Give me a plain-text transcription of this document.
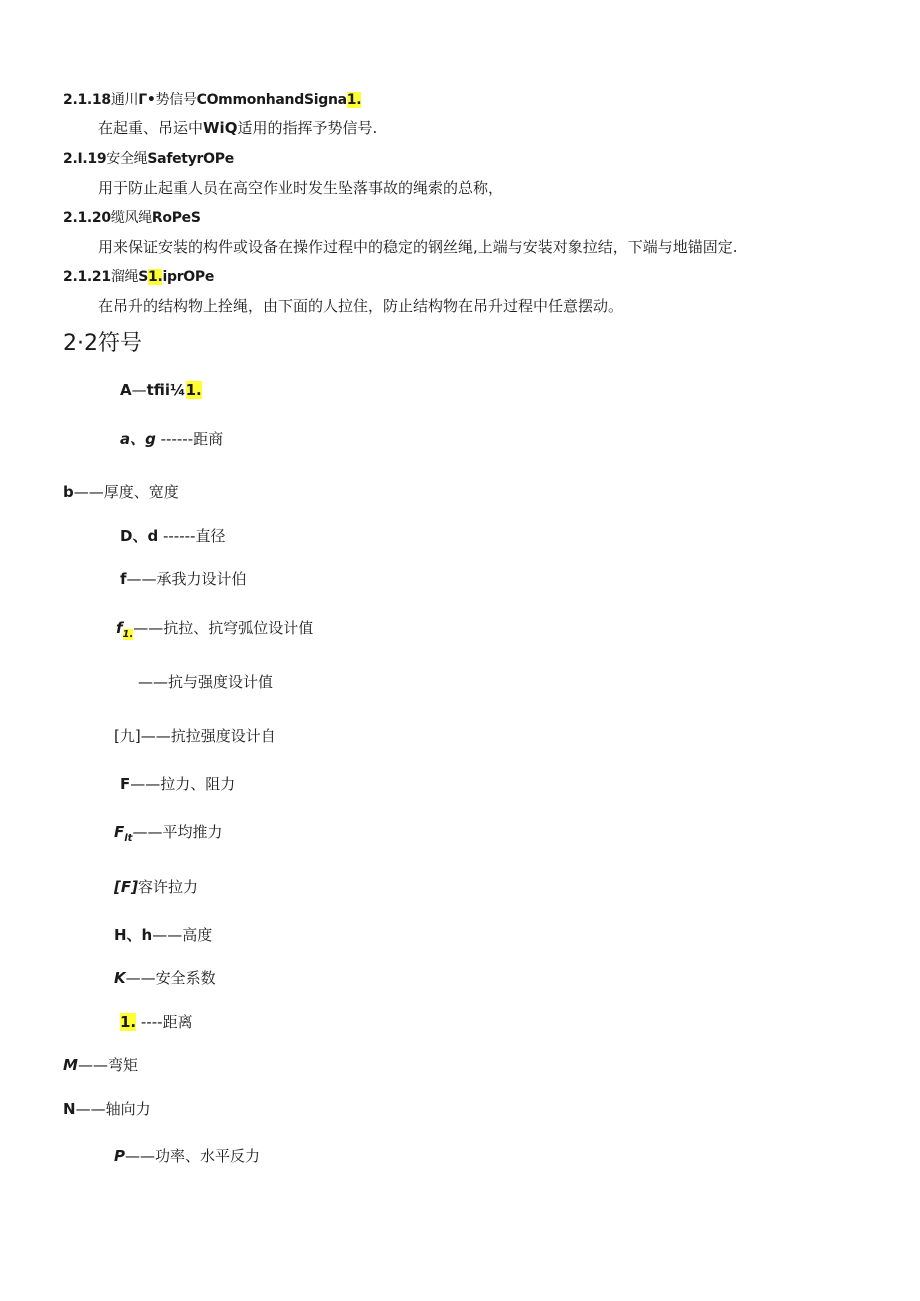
2.1.18通川Γ•势信号COmmonhandSigna1.
在起重、吊运中WiQ适用的指挥予势信号.
2.I.19安全绳SafetyrOPe
用于防止起重人员在高空作业时发生坠落事故的绳索的总称，
2.1.20缆风绳RoPeS
用来保证安装的构件或设备在操作过程中的稳定的钢丝绳,上端与安装对象拉结，下端与地锚固定.
2.1.21溜绳S1.iprOPe
在吊升的结构物上拴绳，由下面的人拉住，防止结构物在吊升过程中任意摆动。
2·2符号
A—tfii¼1.
a、g ------距商
b——厚度、宽度
D、d ------直径
f——承我力设计伯
$f_{1.}——$抗拉、抗穹弧位设计值
——抗与强度设计值
[九]——抗拉强度设计自
F——拉力、阻力
$F_{lt}——$平均推力
[F]容许拉力
H、h——高度
K——安全系数
1. ----距离
M——弯矩
N——轴向力
P——功率、水平反力
